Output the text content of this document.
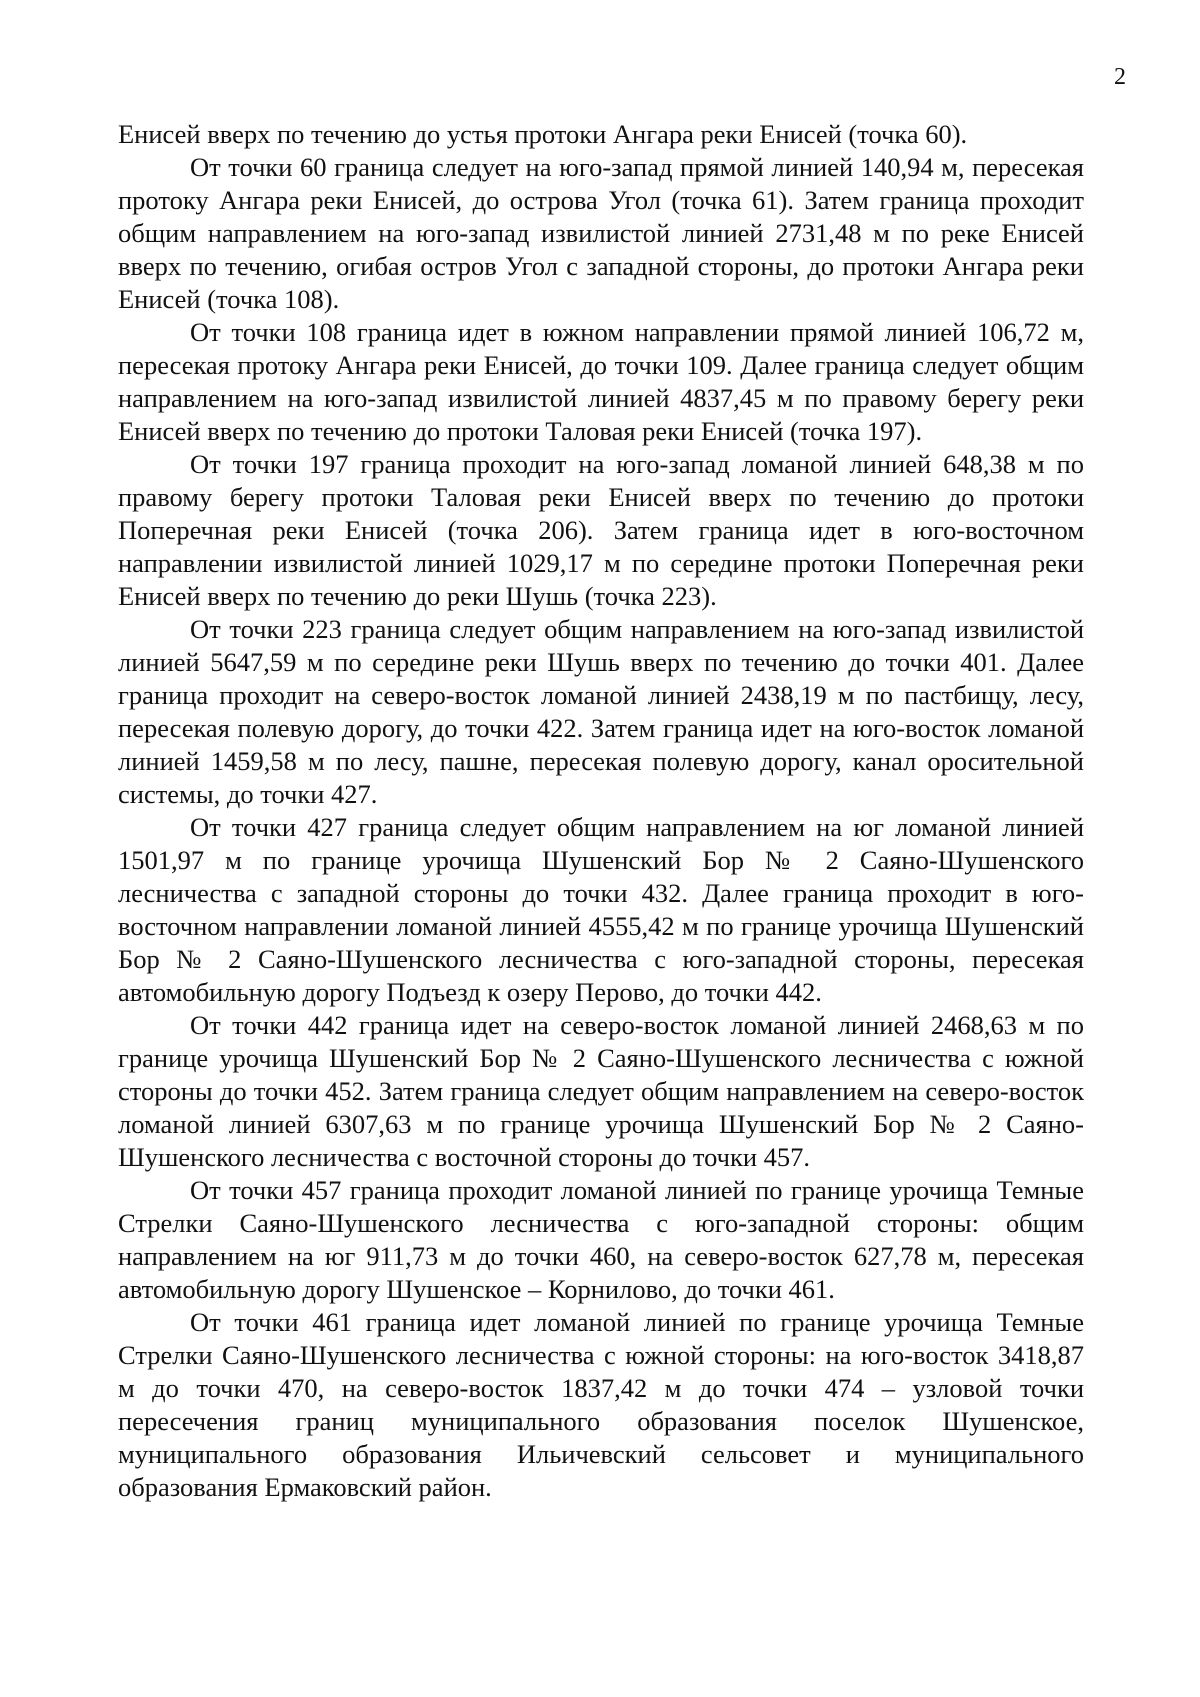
2

Енисей вверх по течению до устья протоки Ангара реки Енисей (точка 60).

От точки 60 граница следует на юго-запад прямой линией 140,94 м, пересекая протоку Ангара реки Енисей, до острова Угол (точка 61). Затем граница проходит общим направлением на юго-запад извилистой линией 2731,48 м по реке Енисей вверх по течению, огибая остров Угол с западной стороны, до протоки Ангара реки Енисей (точка 108).

От точки 108 граница идет в южном направлении прямой линией 106,72 м, пересекая протоку Ангара реки Енисей, до точки 109. Далее граница следует общим направлением на юго-запад извилистой линией 4837,45 м по правому берегу реки Енисей вверх по течению до протоки Таловая реки Енисей (точка 197).

От точки 197 граница проходит на юго-запад ломаной линией 648,38 м по правому берегу протоки Таловая реки Енисей вверх по течению до протоки Поперечная реки Енисей (точка 206). Затем граница идет в юго-восточном направлении извилистой линией 1029,17 м по середине протоки Поперечная реки Енисей вверх по течению до реки Шушь (точка 223).

От точки 223 граница следует общим направлением на юго-запад извилистой линией 5647,59 м по середине реки Шушь вверх по течению до точки 401. Далее граница проходит на северо-восток ломаной линией 2438,19 м по пастбищу, лесу, пересекая полевую дорогу, до точки 422. Затем граница идет на юго-восток ломаной линией 1459,58 м по лесу, пашне, пересекая полевую дорогу, канал оросительной системы, до точки 427.

От точки 427 граница следует общим направлением на юг ломаной линией 1501,97 м по границе урочища Шушенский Бор № 2 Саяно-Шушенского лесничества с западной стороны до точки 432. Далее граница проходит в юго-восточном направлении ломаной линией 4555,42 м по границе урочища Шушенский Бор № 2 Саяно-Шушенского лесничества с юго-западной стороны, пересекая автомобильную дорогу Подъезд к озеру Перово, до точки 442.

От точки 442 граница идет на северо-восток ломаной линией 2468,63 м по границе урочища Шушенский Бор № 2 Саяно-Шушенского лесничества с южной стороны до точки 452. Затем граница следует общим направлением на северо-восток ломаной линией 6307,63 м по границе урочища Шушенский Бор № 2 Саяно-Шушенского лесничества с восточной стороны до точки 457.

От точки 457 граница проходит ломаной линией по границе урочища Темные Стрелки Саяно-Шушенского лесничества с юго-западной стороны: общим направлением на юг 911,73 м до точки 460, на северо-восток 627,78 м, пересекая автомобильную дорогу Шушенское – Корнилово, до точки 461.

От точки 461 граница идет ломаной линией по границе урочища Темные Стрелки Саяно-Шушенского лесничества с южной стороны: на юго-восток 3418,87 м до точки 470, на северо-восток 1837,42 м до точки 474 – узловой точки пересечения границ муниципального образования поселок Шушенское, муниципального образования Ильичевский сельсовет и муниципального образования Ермаковский район.
